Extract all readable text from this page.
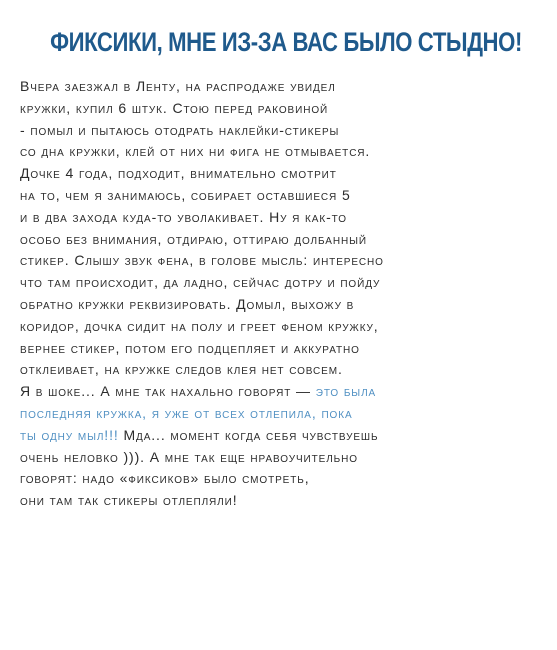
ФИКСИКИ, МНЕ ИЗ-ЗА ВАС БЫЛО СТЫДНО!
Вчера заезжал в Ленту, на распродаже увидел
кружки, купил 6 штук. Стою перед раковиной
- помыл и пытаюсь отодрать наклейки-стикеры
со дна кружки, клей от них ни фига не отмывается.
Дочке 4 года, подходит, внимательно смотрит
на то, чем я занимаюсь, собирает оставшиеся 5
и в два захода куда-то уволакивает. Ну я как-то
особо без внимания, отдираю, оттираю долбанный
стикер. Слышу звук фена, в голове мысль: интересно
что там происходит, да ладно, сейчас дотру и пойду
обратно кружки реквизировать. Домыл, выхожу в
коридор, дочка сидит на полу и греет феном кружку,
вернее стикер, потом его подцепляет и аккуратно
отклеивает, на кружке следов клея нет совсем.
Я в шоке... А мне так нахально говорят — это была
последняя кружка, я уже от всех отлепила, пока
ты одну мыл!!! Мда... момент когда себя чувствуешь
очень неловко ))). А мне так еще нравоучительно
говорят: надо «фиксиков» было смотреть,
они там так стикеры отлепляли!
